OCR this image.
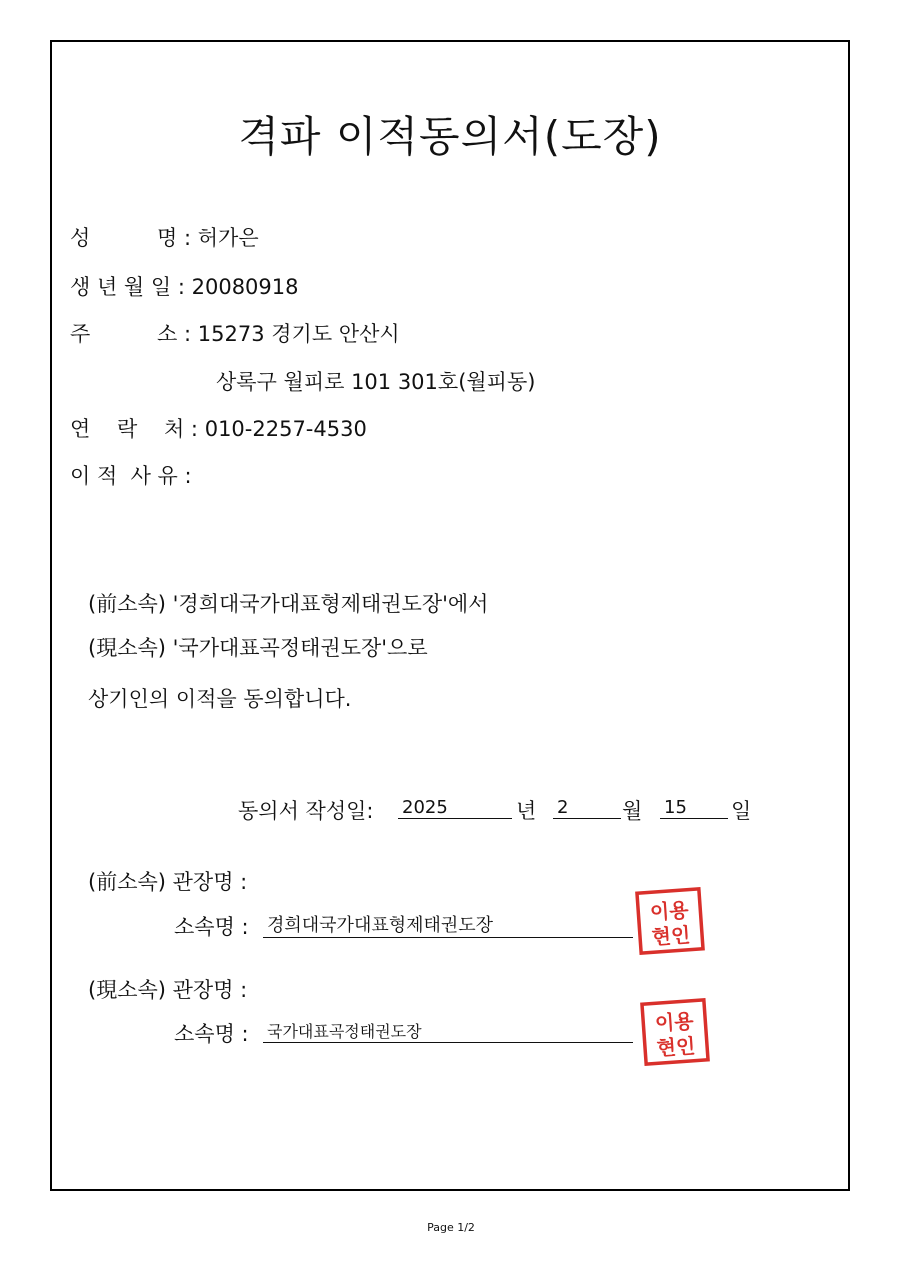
격파 이적동의서(도장)
성          명 : 허가은
생 년 월 일 : 20080918
주          소 : 15273 경기도 안산시
상록구 월피로 101 301호(월피동)
연    락    처 : 010-2257-4530
이 적  사 유 :
(前소속) '경희대국가대표형제태권도장'에서
(現소속) '국가대표곡정태권도장'으로
상기인의 이적을 동의합니다.
동의서 작성일: 2025	년 2	월 15	일
(前소속) 관장명 :
소속명 : 경희대국가대표형제태권도장
이용
현인
(現소속) 관장명 :
소속명 : 국가대표곡정태권도장	이용
현인
Page 1/2
